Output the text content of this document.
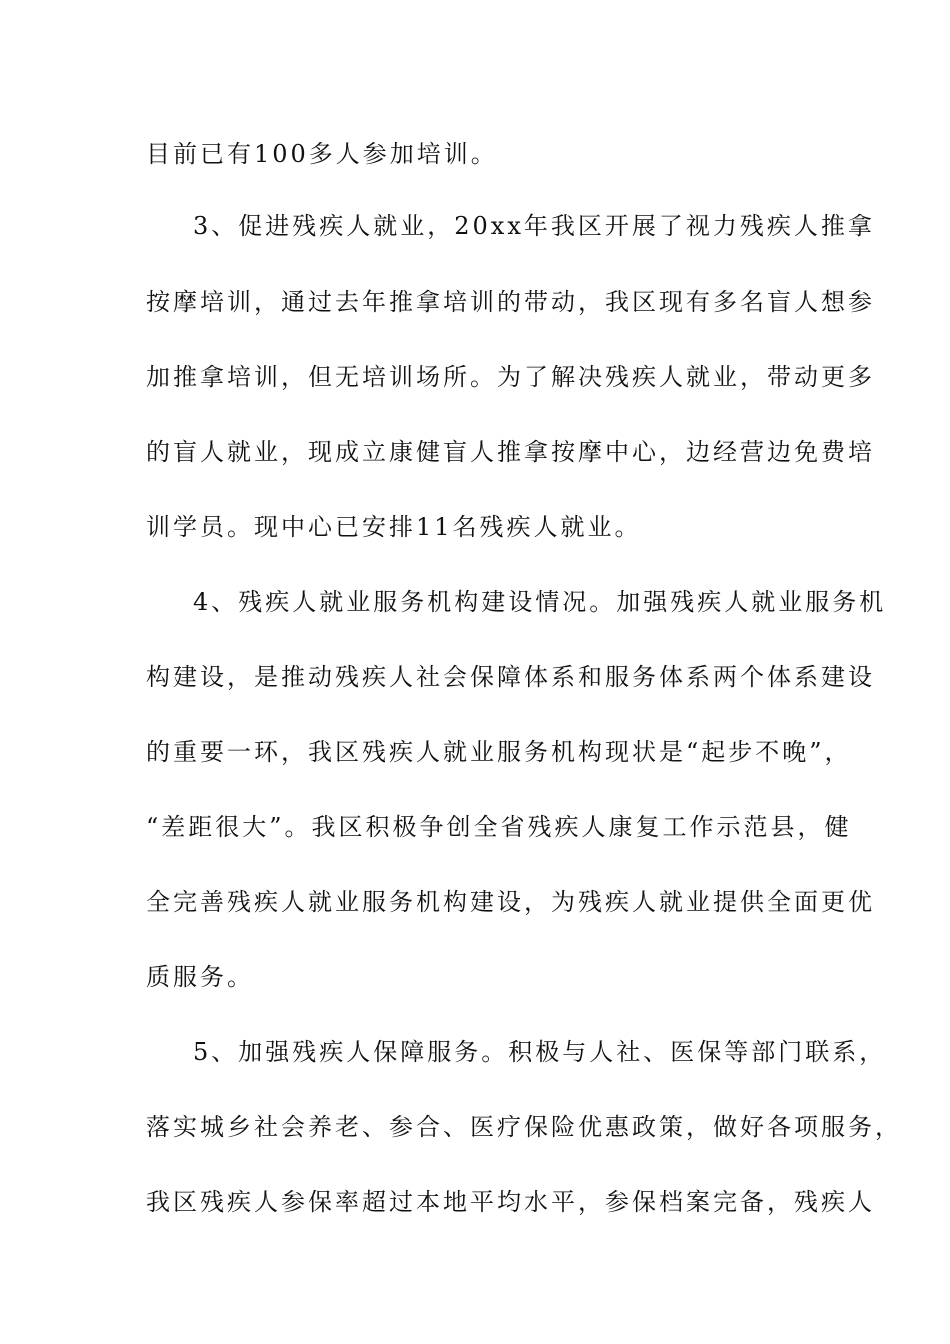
目前已有100多人参加培训。
3、促进残疾人就业，20xx年我区开展了视力残疾人推拿
按摩培训，通过去年推拿培训的带动，我区现有多名盲人想参
加推拿培训，但无培训场所。为了解决残疾人就业，带动更多
的盲人就业，现成立康健盲人推拿按摩中心，边经营边免费培
训学员。现中心已安排11名残疾人就业。
4、残疾人就业服务机构建设情况。加强残疾人就业服务机
构建设，是推动残疾人社会保障体系和服务体系两个体系建设
的重要一环，我区残疾人就业服务机构现状是“起步不晚”，
“差距很大”。我区积极争创全省残疾人康复工作示范县，健
全完善残疾人就业服务机构建设，为残疾人就业提供全面更优
质服务。
5、加强残疾人保障服务。积极与人社、医保等部门联系，
落实城乡社会养老、参合、医疗保险优惠政策，做好各项服务，
我区残疾人参保率超过本地平均水平，参保档案完备，残疾人
